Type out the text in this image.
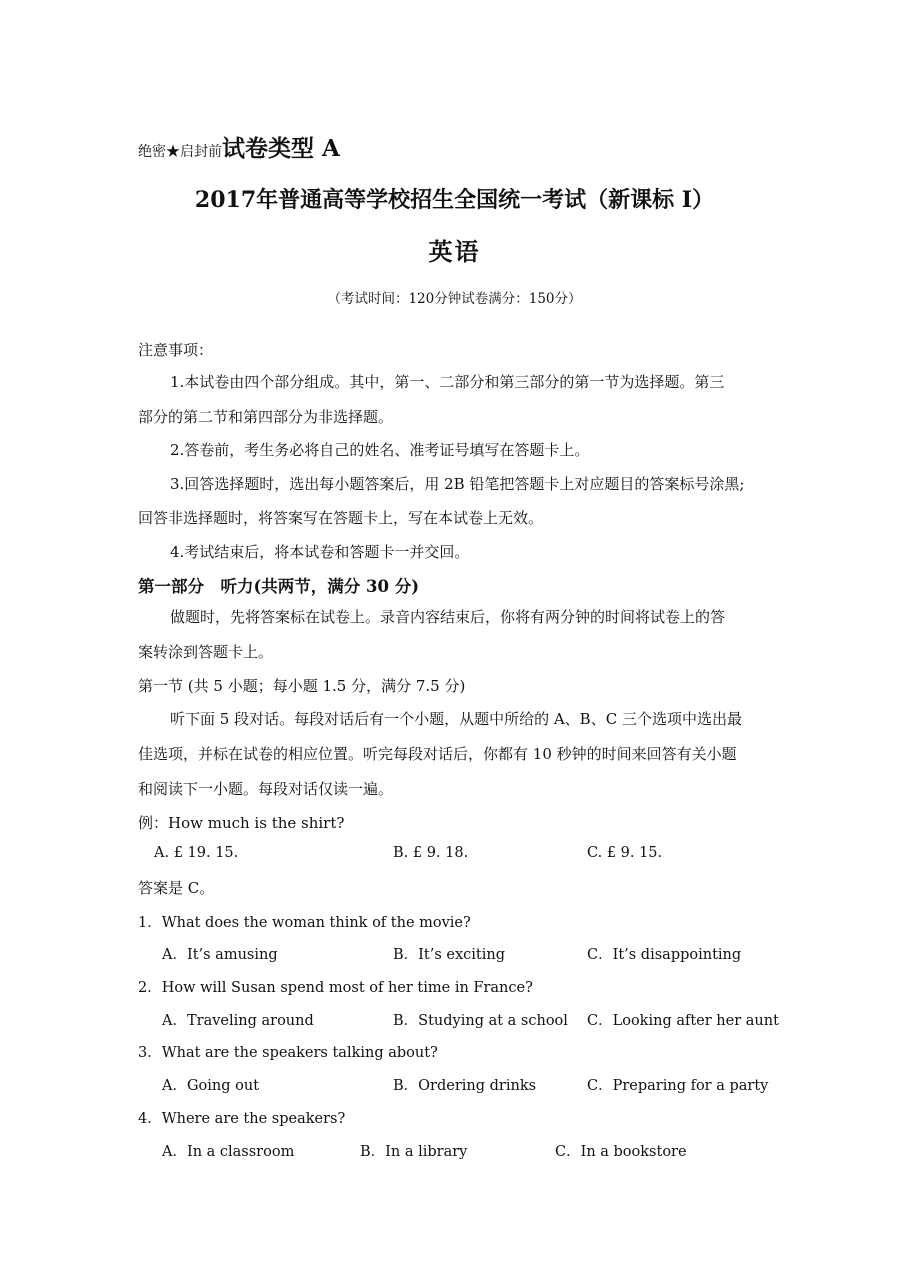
绝密★启封前试卷类型 A
2017年普通高等学校招生全国统一考试（新课标 I）
英语
（考试时间：120分钟试卷满分：150分）
注意事项：
1.本试卷由四个部分组成。其中，第一、二部分和第三部分的第一节为选择题。第三
部分的第二节和第四部分为非选择题。
2.答卷前，考生务必将自己的姓名、准考证号填写在答题卡上。
3.回答选择题时，选出每小题答案后，用 2B 铅笔把答题卡上对应题目的答案标号涂黑;
回答非选择题时，将答案写在答题卡上，写在本试卷上无效。
4.考试结束后，将本试卷和答题卡一并交回。
第一部分　听力(共两节，满分 30 分)
做题时，先将答案标在试卷上。录音内容结束后，你将有两分钟的时间将试卷上的答
案转涂到答题卡上。
第一节 (共 5 小题；每小题 1.5 分，满分 7.5 分)
听下面 5 段对话。每段对话后有一个小题，从题中所给的 A、B、C 三个选项中选出最
佳选项，并标在试卷的相应位置。听完每段对话后，你都有 10 秒钟的时间来回答有关小题
和阅读下一小题。每段对话仅读一遍。
例：How much is the shirt?
A. £ 19. 15.	B. £ 9. 18.	C. £ 9. 15.
答案是 C。
1．What does the woman think of the movie?
A．It’s amusing	B．It’s exciting	C．It’s disappointing
2．How will Susan spend most of her time in France?
A．Traveling around	B．Studying at a school C．Looking after her aunt
3．What are the speakers talking about?
A．Going out	B．Ordering drinks	C．Preparing for a party
4．Where are the speakers?
A．In a classroom	B．In a library	C．In a bookstore
